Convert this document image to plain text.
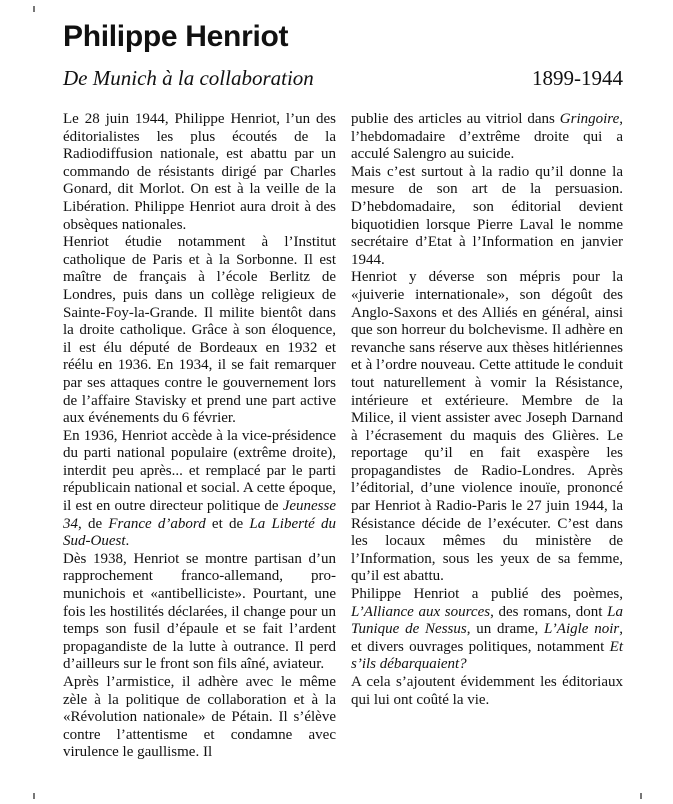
Philippe Henriot
De Munich à la collaboration	1899-1944

Le 28 juin 1944, Philippe Henriot, l’un des éditorialistes les plus écoutés de la Radiodiffusion nationale, est abattu par un commando de résistants dirigé par Charles Gonard, dit Morlot. On est à la veille de la Libération. Philippe Henriot aura droit à des obsèques nationales.

Henriot étudie notamment à l’Institut catholique de Paris et à la Sorbonne. Il est maître de français à l’école Berlitz de Londres, puis dans un collège religieux de Sainte-Foy-la-Grande. Il milite bientôt dans la droite catholique. Grâce à son éloquence, il est élu député de Bordeaux en 1932 et réélu en 1936. En 1934, il se fait remarquer par ses attaques contre le gouvernement lors de l’affaire Stavisky et prend une part active aux événements du 6 février.

En 1936, Henriot accède à la vice-présidence du parti national populaire (extrême droite), interdit peu après... et remplacé par le parti républicain national et social. A cette époque, il est en outre directeur politique de Jeunesse 34, de France d’abord et de La Liberté du Sud-Ouest.

Dès 1938, Henriot se montre partisan d’un rapprochement franco-allemand, pro-munichois et «antibelliciste». Pourtant, une fois les hostilités déclarées, il change pour un temps son fusil d’épaule et se fait l’ardent propagandiste de la lutte à outrance. Il perd d’ailleurs sur le front son fils aîné, aviateur.

Après l’armistice, il adhère avec le même zèle à la politique de collaboration et à la «Révolution nationale» de Pétain. Il s’élève contre l’attentisme et condamne avec virulence le gaullisme. Il

publie des articles au vitriol dans Gringoire, l’hebdomadaire d’extrême droite qui a acculé Salengro au suicide.

Mais c’est surtout à la radio qu’il donne la mesure de son art de la persuasion. D’hebdomadaire, son éditorial devient biquotidien lorsque Pierre Laval le nomme secrétaire d’Etat à l’Information en janvier 1944.

Henriot y déverse son mépris pour la «juiverie internationale», son dégoût des Anglo-Saxons et des Alliés en général, ainsi que son horreur du bolchevisme. Il adhère en revanche sans réserve aux thèses hitlériennes et à l’ordre nouveau. Cette attitude le conduit tout naturellement à vomir la Résistance, intérieure et extérieure. Membre de la Milice, il vient assister avec Joseph Darnand à l’écrasement du maquis des Glières. Le reportage qu’il en fait exaspère les propagandistes de Radio-Londres. Après l’éditorial, d’une violence inouïe, prononcé par Henriot à Radio-Paris le 27 juin 1944, la Résistance décide de l’exécuter. C’est dans les locaux mêmes du ministère de l’Information, sous les yeux de sa femme, qu’il est abattu.

Philippe Henriot a publié des poèmes, L’Alliance aux sources, des romans, dont La Tunique de Nessus, un drame, L’Aigle noir, et divers ouvrages politiques, notamment Et s’ils débarquaient?

A cela s’ajoutent évidemment les éditoriaux qui lui ont coûté la vie.
